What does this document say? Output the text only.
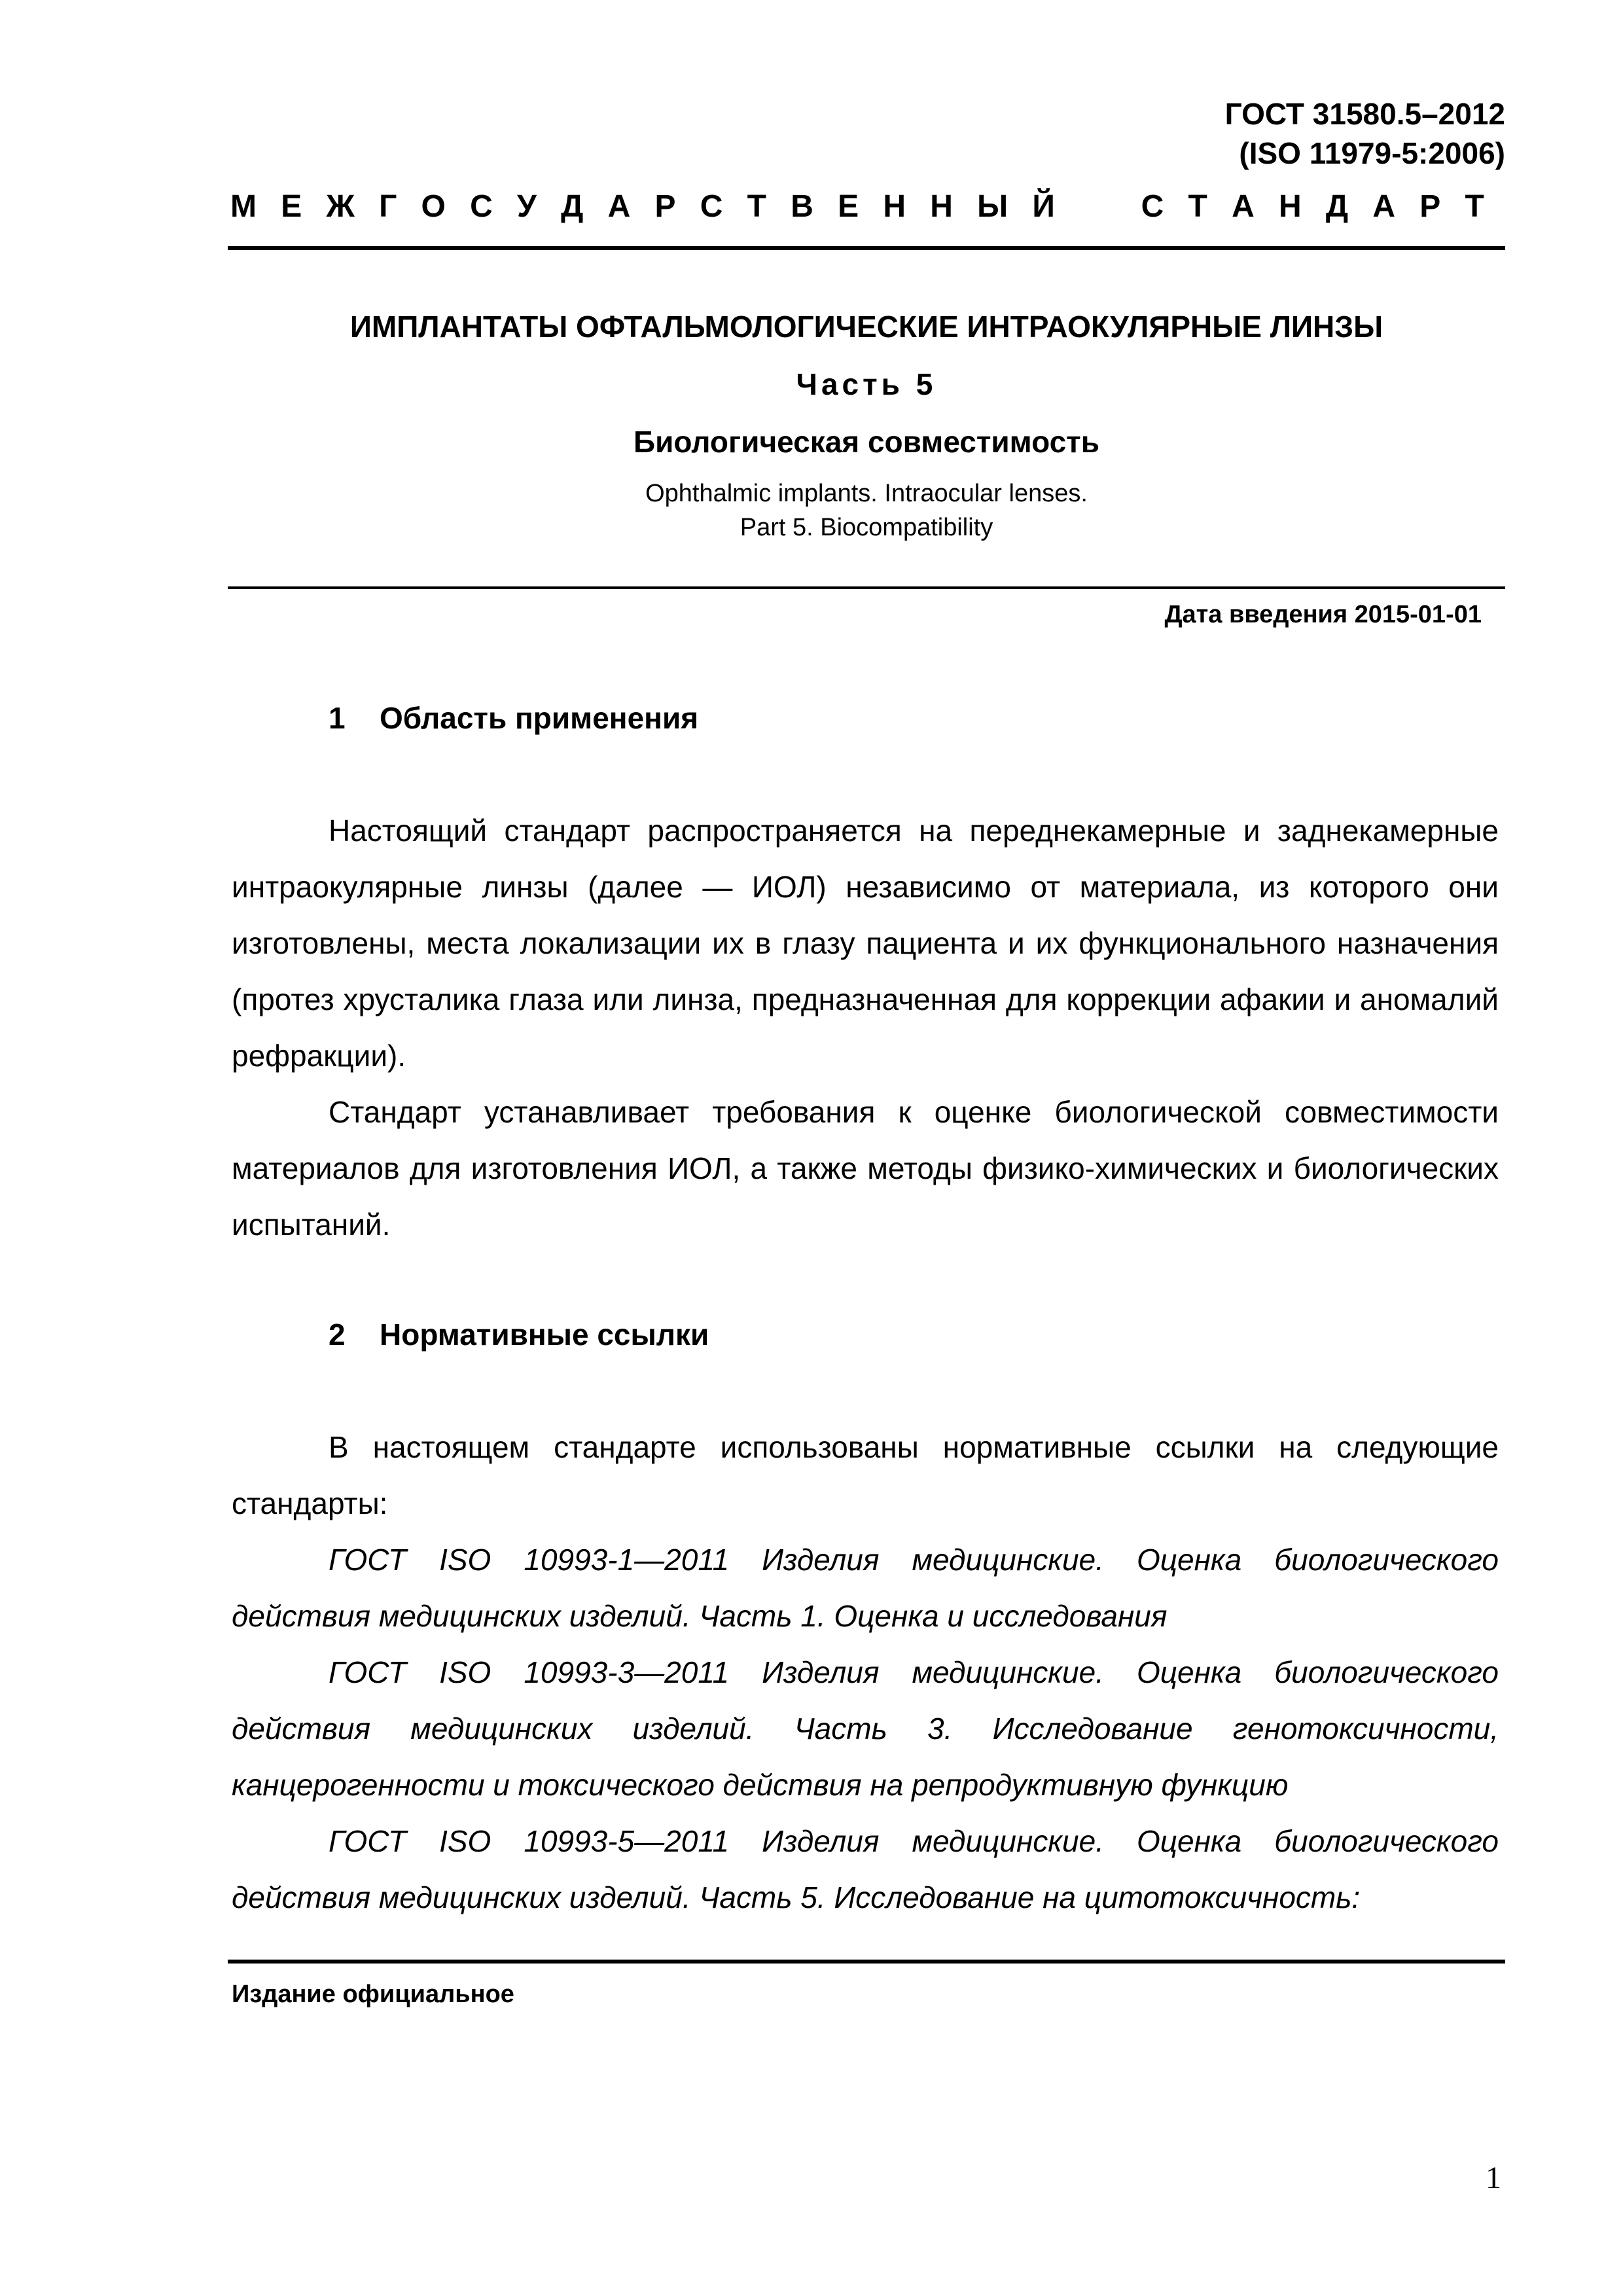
ГОСТ 31580.5–2012
(ISO 11979-5:2006)
М Е Ж Г О С У Д А Р С Т В Е Н Н Ы Й	С Т А Н Д А Р Т
ИМПЛАНТАТЫ ОФТАЛЬМОЛОГИЧЕСКИЕ ИНТРАОКУЛЯРНЫЕ ЛИНЗЫ
Часть 5
Биологическая совместимость
Ophthalmic implants. Intraocular lenses.
Part 5. Biocompatibility
Дата введения 2015-01-01
1 Область применения

Настоящий стандарт распространяется на переднекамерные и заднекамерные интраокулярные линзы (далее — ИОЛ) независимо от материала, из которого они изготовлены, места локализации их в глазу пациента и их функционального назначения (протез хрусталика глаза или линза, предназначенная для коррекции афакии и аномалий рефракции).

Стандарт устанавливает требования к оценке биологической совместимости материалов для изготовления ИОЛ, а также методы физико-химических и биологических испытаний.

2 Нормативные ссылки

В настоящем стандарте использованы нормативные ссылки на следующие стандарты:

ГОСТ ISO 10993-1—2011 Изделия медицинские. Оценка биологического действия медицинских изделий. Часть 1. Оценка и исследования

ГОСТ ISO 10993-3—2011 Изделия медицинские. Оценка биологического действия медицинских изделий. Часть 3. Исследование генотоксичности, канцерогенности и токсического действия на репродуктивную функцию

ГОСТ ISO 10993-5—2011 Изделия медицинские. Оценка биологического действия медицинских изделий. Часть 5. Исследование на цитотоксичность:

Издание официальное
1
